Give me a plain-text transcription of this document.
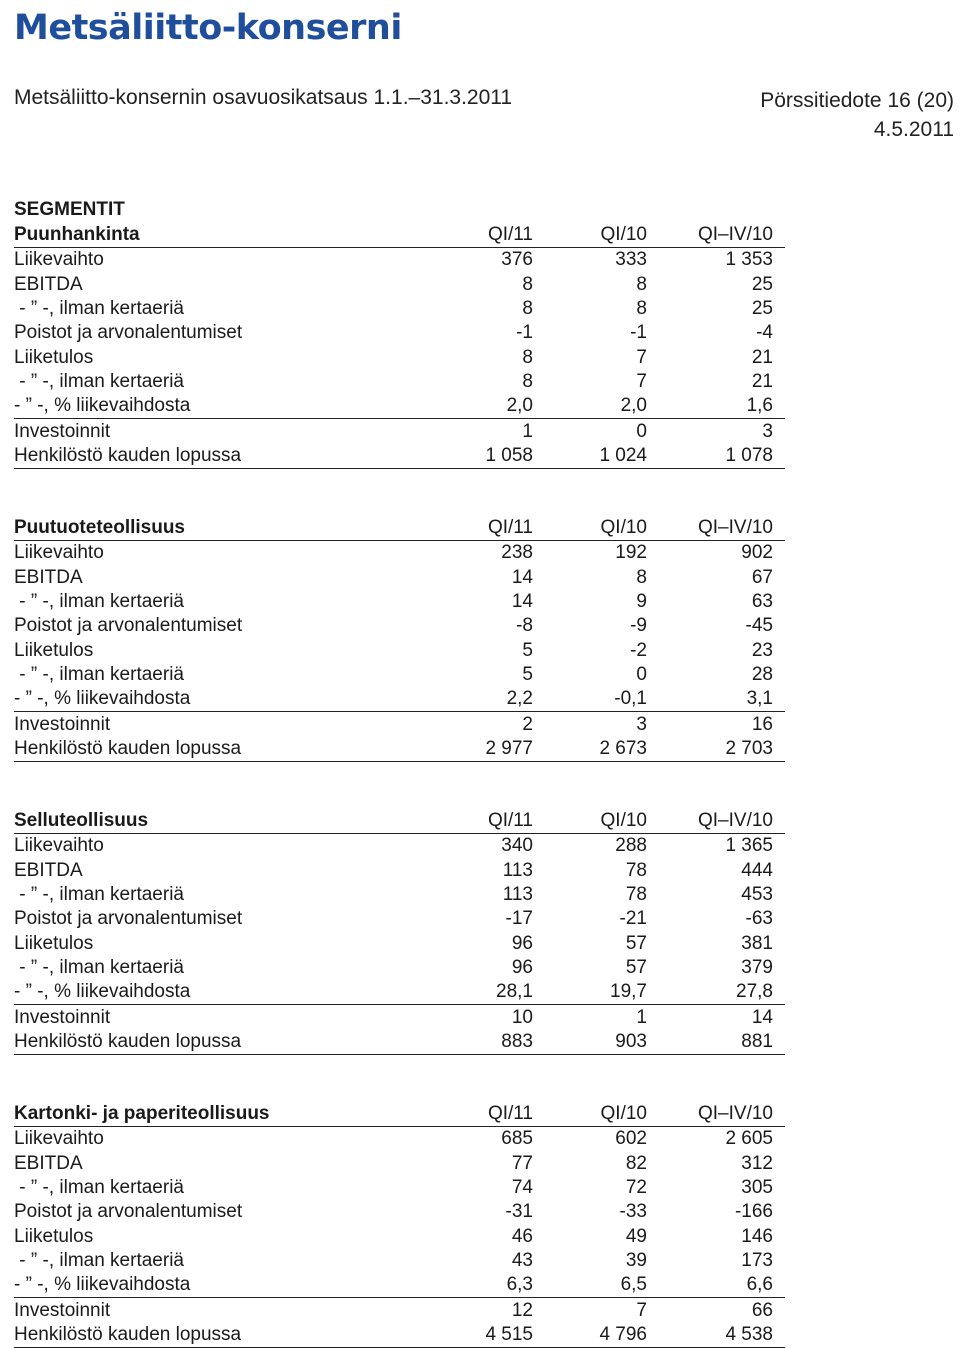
Metsäliitto-konserni
Metsäliitto-konsernin osavuosikatsaus 1.1.–31.3.2011	Pörssitiedote 16 (20)
4.5.2011
SEGMENTIT
Puunhankinta	QI/11	QI/10	QI–IV/10
Liikevaihto	376	333	1 353
EBITDA	8	8	25
- ” -, ilman kertaeriä	8	8	25
Poistot ja arvonalentumiset	-1	-1	-4
Liiketulos	8	7	21
- ” -, ilman kertaeriä	8	7	21
- ” -, % liikevaihdosta	2,0	2,0	1,6
Investoinnit	1	0	3
Henkilöstö kauden lopussa	1 058	1 024	1 078
Puutuoteteollisuus	QI/11	QI/10	QI–IV/10
Liikevaihto	238	192	902
EBITDA	14	8	67
- ” -, ilman kertaeriä	14	9	63
Poistot ja arvonalentumiset	-8	-9	-45
Liiketulos	5	-2	23
- ” -, ilman kertaeriä	5	0	28
- ” -, % liikevaihdosta	2,2	-0,1	3,1
Investoinnit	2	3	16
Henkilöstö kauden lopussa	2 977	2 673	2 703
Selluteollisuus	QI/11	QI/10	QI–IV/10
Liikevaihto	340	288	1 365
EBITDA	113	78	444
- ” -, ilman kertaeriä	113	78	453
Poistot ja arvonalentumiset	-17	-21	-63
Liiketulos	96	57	381
- ” -, ilman kertaeriä	96	57	379
- ” -, % liikevaihdosta	28,1	19,7	27,8
Investoinnit	10	1	14
Henkilöstö kauden lopussa	883	903	881
Kartonki- ja paperiteollisuus	QI/11	QI/10	QI–IV/10
Liikevaihto	685	602	2 605
EBITDA	77	82	312
- ” -, ilman kertaeriä	74	72	305
Poistot ja arvonalentumiset	-31	-33	-166
Liiketulos	46	49	146
- ” -, ilman kertaeriä	43	39	173
- ” -, % liikevaihdosta	6,3	6,5	6,6
Investoinnit	12	7	66
Henkilöstö kauden lopussa	4 515	4 796	4 538
